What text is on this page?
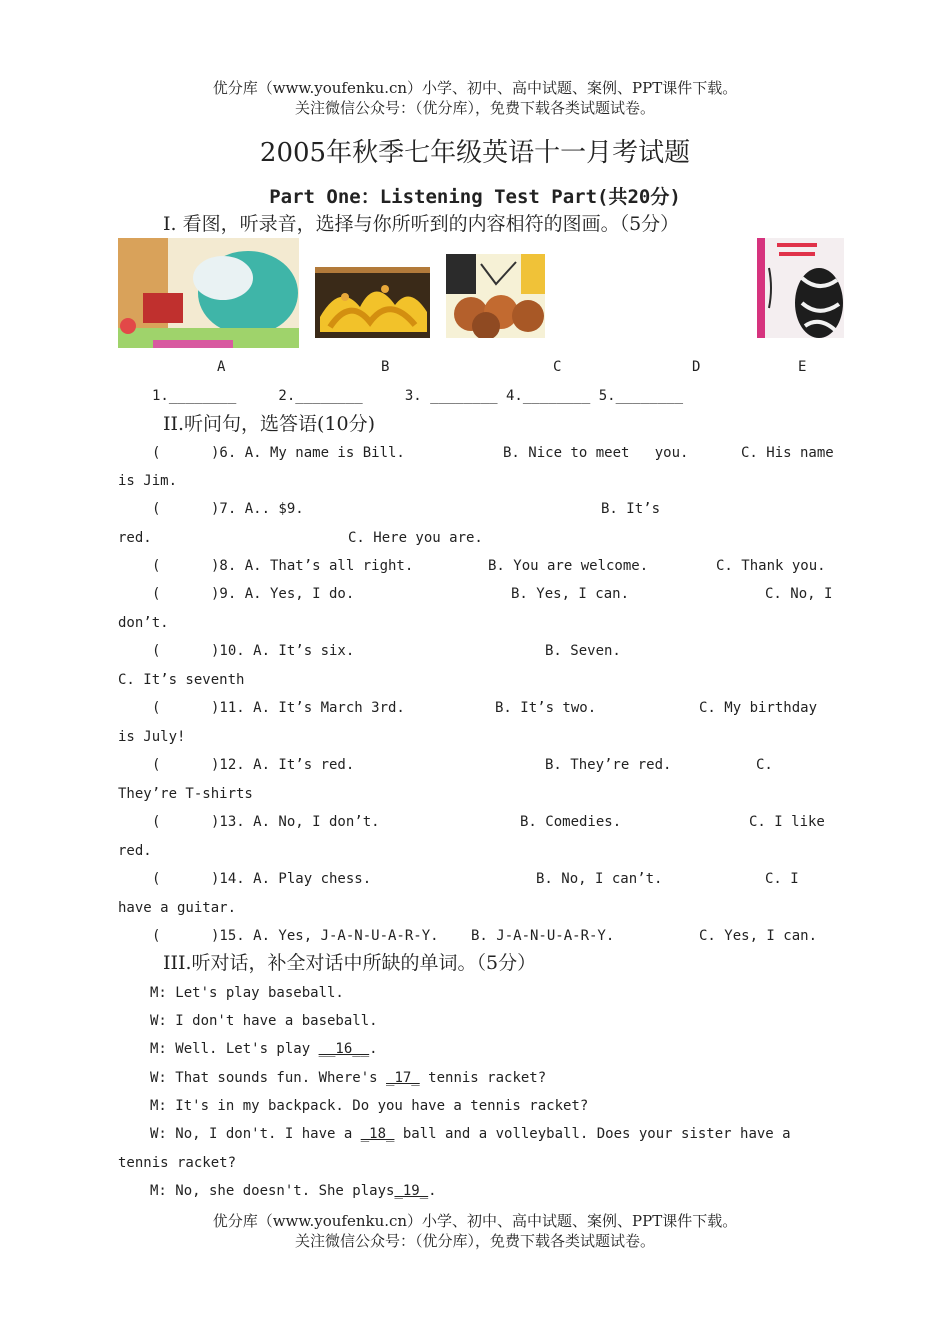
优分库（www.youfenku.cn）小学、初中、高中试题、案例、PPT课件下载。
关注微信公众号：（优分库），免费下载各类试题试卷。
2005年秋季七年级英语十一月考试题
Part One：Listening Test Part(共20分)
I. 看图，听录音，选择与你所听到的内容相符的图画。（5分）
A	B	C	D	E
1.________     2.________     3. ________ 4.________ 5.________
II.听问句，选答语(10分)
(      )6. A. My name is Bill.	B. Nice to meet   you.	C. His name
is Jim.
(      )7. A.. $9.	B. It’s
red.	C. Here you are.
(      )8. A. That’s all right.	B. You are welcome.	C. Thank you.
(      )9. A. Yes, I do.	B. Yes, I can.	C. No, I
don’t.
(      )10. A. It’s six.	B. Seven.
C. It’s seventh
(      )11. A. It’s March 3rd.	B. It’s two.	C. My birthday
is July!
(      )12. A. It’s red.	B. They’re red.	C.
They’re T-shirts
(      )13. A. No, I don’t.	B. Comedies.	C. I like
red.
(      )14. A. Play chess.	B. No, I can’t.	C. I
have a guitar.
(      )15. A. Yes, J-A-N-U-A-R-Y. B. J-A-N-U-A-R-Y.	C. Yes, I can.
III.听对话，补全对话中所缺的单词。（5分）
M: Let's play baseball.
W: I don't have a baseball.
M: Well. Let's play __16__.
W: That sounds fun. Where's _17_ tennis racket?
M: It's in my backpack. Do you have a tennis racket?
W: No, I don't. I have a _18_ ball and a volleyball. Does your sister have a
tennis racket?
M: No, she doesn't. She plays_19_.
优分库（www.youfenku.cn）小学、初中、高中试题、案例、PPT课件下载。
关注微信公众号：（优分库），免费下载各类试题试卷。
